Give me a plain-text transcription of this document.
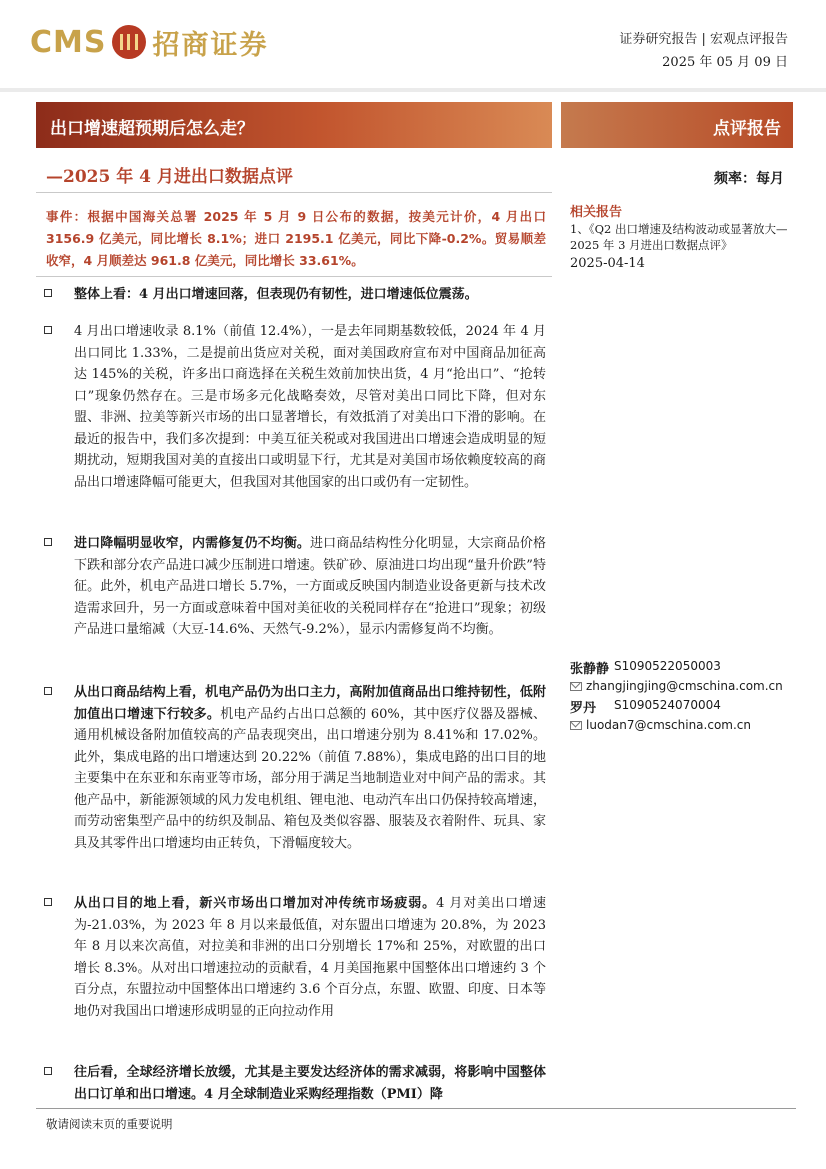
CMS 招商证券	证券研究报告 | 宏观点评报告
2025 年 05 月 09 日
出口增速超预期后怎么走？	点评报告
—2025 年 4 月进出口数据点评	频率：每月
事件：根据中国海关总署 2025 年 5 月 9 日公布的数据，按美元计价，4 月出口 3156.9 亿美元，同比增长 8.1%；进口 2195.1 亿美元，同比下降-0.2%。贸易顺差收窄，4 月顺差达 961.8 亿美元，同比增长 33.61%。
相关报告
1、《Q2 出口增速及结构波动或显著放大—2025 年 3 月进出口数据点评》
2025-04-14
整体上看：4 月出口增速回落，但表现仍有韧性，进口增速低位震荡。
4 月出口增速收录 8.1%（前值 12.4%），一是去年同期基数较低，2024 年 4 月出口同比 1.33%，二是提前出货应对关税，面对美国政府宣布对中国商品加征高达 145%的关税，许多出口商选择在关税生效前加快出货，4 月“抢出口”、“抢转口”现象仍然存在。三是市场多元化战略奏效，尽管对美出口同比下降，但对东盟、非洲、拉美等新兴市场的出口显著增长，有效抵消了对美出口下滑的影响。在最近的报告中，我们多次提到：中美互征关税或对我国进出口增速会造成明显的短期扰动，短期我国对美的直接出口或明显下行，尤其是对美国市场依赖度较高的商品出口增速降幅可能更大，但我国对其他国家的出口或仍有一定韧性。
进口降幅明显收窄，内需修复仍不均衡。进口商品结构性分化明显，大宗商品价格下跌和部分农产品进口减少压制进口增速。铁矿砂、原油进口均出现“量升价跌”特征。此外，机电产品进口增长 5.7%，一方面或反映国内制造业设备更新与技术改造需求回升，另一方面或意味着中国对美征收的关税同样存在“抢进口”现象；初级产品进口量缩减（大豆-14.6%、天然气-9.2%），显示内需修复尚不均衡。
从出口商品结构上看，机电产品仍为出口主力，高附加值商品出口维持韧性，低附加值出口增速下行较多。机电产品约占出口总额的 60%，其中医疗仪器及器械、通用机械设备附加值较高的产品表现突出，出口增速分别为 8.41%和 17.02%。此外，集成电路的出口增速达到 20.22%（前值 7.88%），集成电路的出口目的地主要集中在东亚和东南亚等市场，部分用于满足当地制造业对中间产品的需求。其他产品中，新能源领域的风力发电机组、锂电池、电动汽车出口仍保持较高增速，而劳动密集型产品中的纺织及制品、箱包及类似容器、服装及衣着附件、玩具、家具及其零件出口增速均由正转负，下滑幅度较大。
从出口目的地上看，新兴市场出口增加对冲传统市场疲弱。4 月对美出口增速为-21.03%，为 2023 年 8 月以来最低值，对东盟出口增速为 20.8%，为 2023 年 8 月以来次高值，对拉美和非洲的出口分别增长 17%和 25%，对欧盟的出口增长 8.3%。从对出口增速拉动的贡献看，4 月美国拖累中国整体出口增速约 3 个百分点，东盟拉动中国整体出口增速约 3.6 个百分点，东盟、欧盟、印度、日本等地仍对我国出口增速形成明显的正向拉动作用
往后看，全球经济增长放缓，尤其是主要发达经济体的需求减弱，将影响中国整体出口订单和出口增速。4 月全球制造业采购经理指数（PMI）降
张静静 S1090522050003
zhangjingjing@cmschina.com.cn
罗丹 S1090524070004
luodan7@cmschina.com.cn
敬请阅读末页的重要说明
